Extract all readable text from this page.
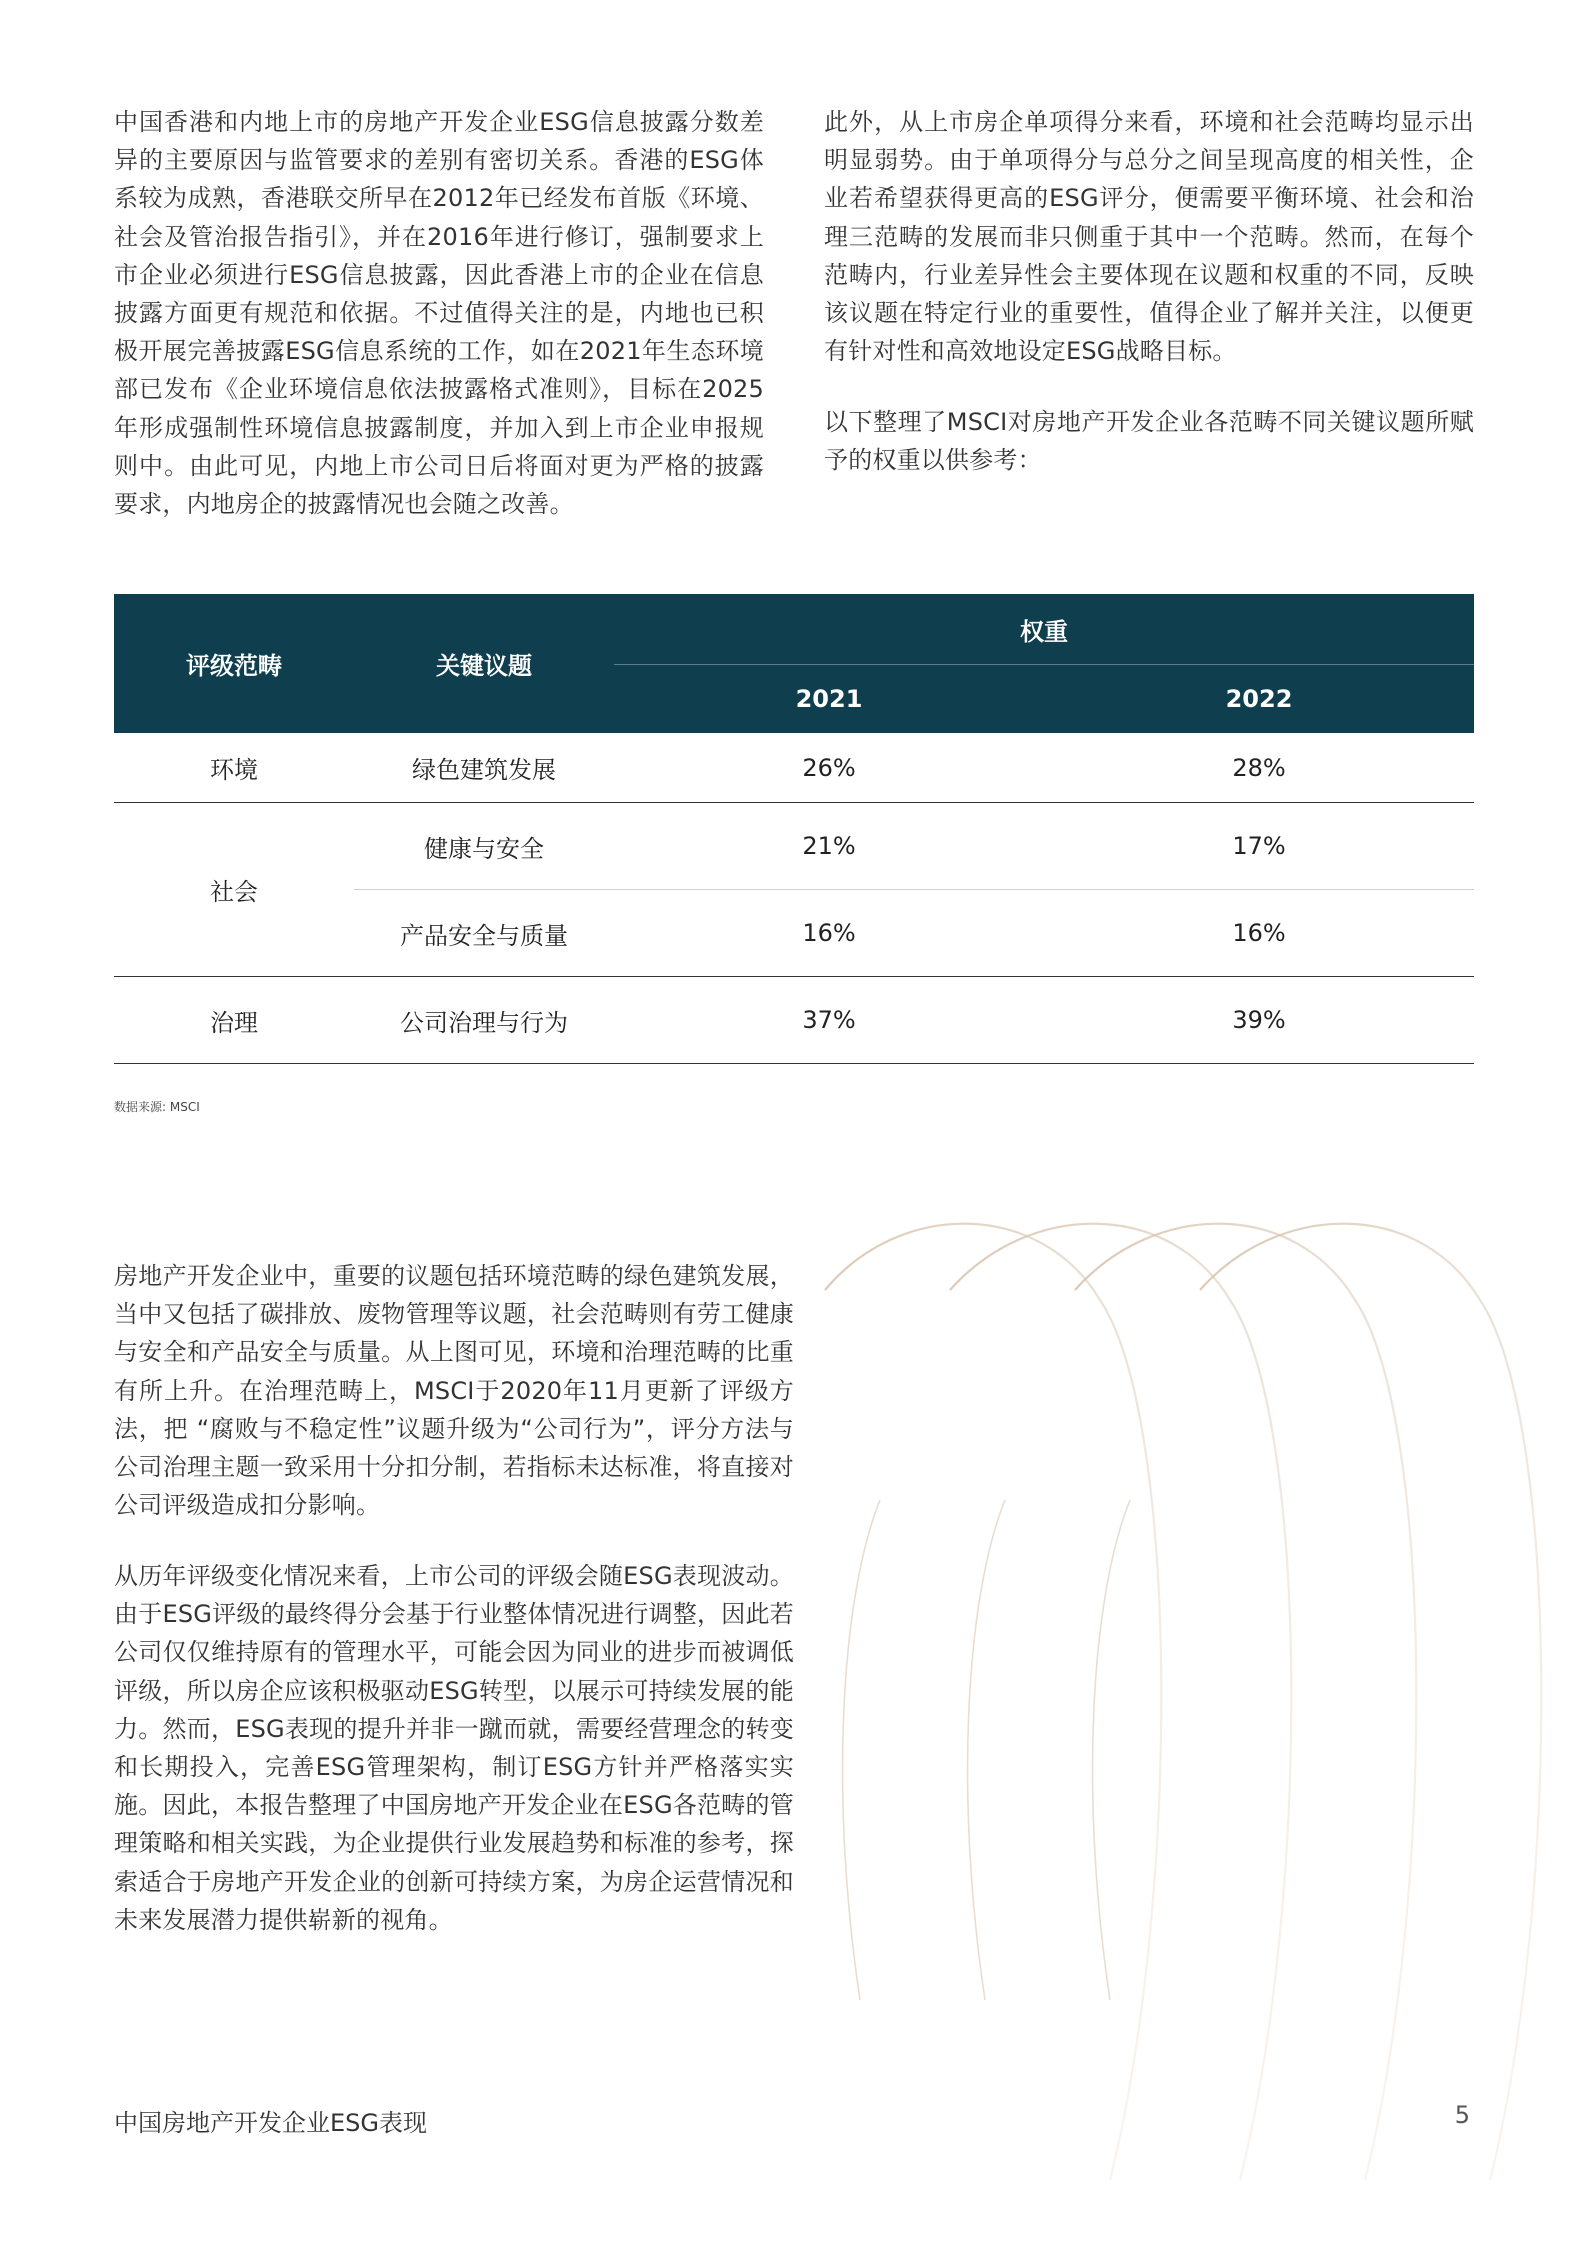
中国香港和内地上市的房地产开发企业ESG信息披露分数差异的主要原因与监管要求的差别有密切关系。香港的ESG体系较为成熟，香港联交所早在2012年已经发布首版《环境、社会及管治报告指引》，并在2016年进行修订，强制要求上市企业必须进行ESG信息披露，因此香港上市的企业在信息披露方面更有规范和依据。不过值得关注的是，内地也已积极开展完善披露ESG信息系统的工作，如在2021年生态环境部已发布《企业环境信息依法披露格式准则》，目标在2025年形成强制性环境信息披露制度，并加入到上市企业申报规则中。由此可见，内地上市公司日后将面对更为严格的披露要求，内地房企的披露情况也会随之改善。

此外，从上市房企单项得分来看，环境和社会范畴均显示出明显弱势。由于单项得分与总分之间呈现高度的相关性，企业若希望获得更高的ESG评分，便需要平衡环境、社会和治理三范畴的发展而非只侧重于其中一个范畴。然而，在每个范畴内，行业差异性会主要体现在议题和权重的不同，反映该议题在特定行业的重要性，值得企业了解并关注，以便更有针对性和高效地设定ESG战略目标。

以下整理了MSCI对房地产开发企业各范畴不同关键议题所赋予的权重以供参考：

评级范畴	关键议题	权重	
		2021	2022
环境	绿色建筑发展	26%	28%
社会	健康与安全	21%	17%
	产品安全与质量	16%	16%
治理	公司治理与行为	37%	39%

数据来源: MSCI

房地产开发企业中，重要的议题包括环境范畴的绿色建筑发展，当中又包括了碳排放、废物管理等议题，社会范畴则有劳工健康与安全和产品安全与质量。从上图可见，环境和治理范畴的比重有所上升。在治理范畴上，MSCI于2020年11月更新了评级方法，把 “腐败与不稳定性”议题升级为“公司行为”，评分方法与公司治理主题一致采用十分扣分制，若指标未达标准，将直接对公司评级造成扣分影响。

从历年评级变化情况来看，上市公司的评级会随ESG表现波动。由于ESG评级的最终得分会基于行业整体情况进行调整，因此若公司仅仅维持原有的管理水平，可能会因为同业的进步而被调低评级，所以房企应该积极驱动ESG转型，以展示可持续发展的能力。然而，ESG表现的提升并非一蹴而就，需要经营理念的转变和长期投入，完善ESG管理架构，制订ESG方针并严格落实实施。因此，本报告整理了中国房地产开发企业在ESG各范畴的管理策略和相关实践，为企业提供行业发展趋势和标准的参考，探索适合于房地产开发企业的创新可持续方案，为房企运营情况和未来发展潜力提供崭新的视角。

中国房地产开发企业ESG表现	5
